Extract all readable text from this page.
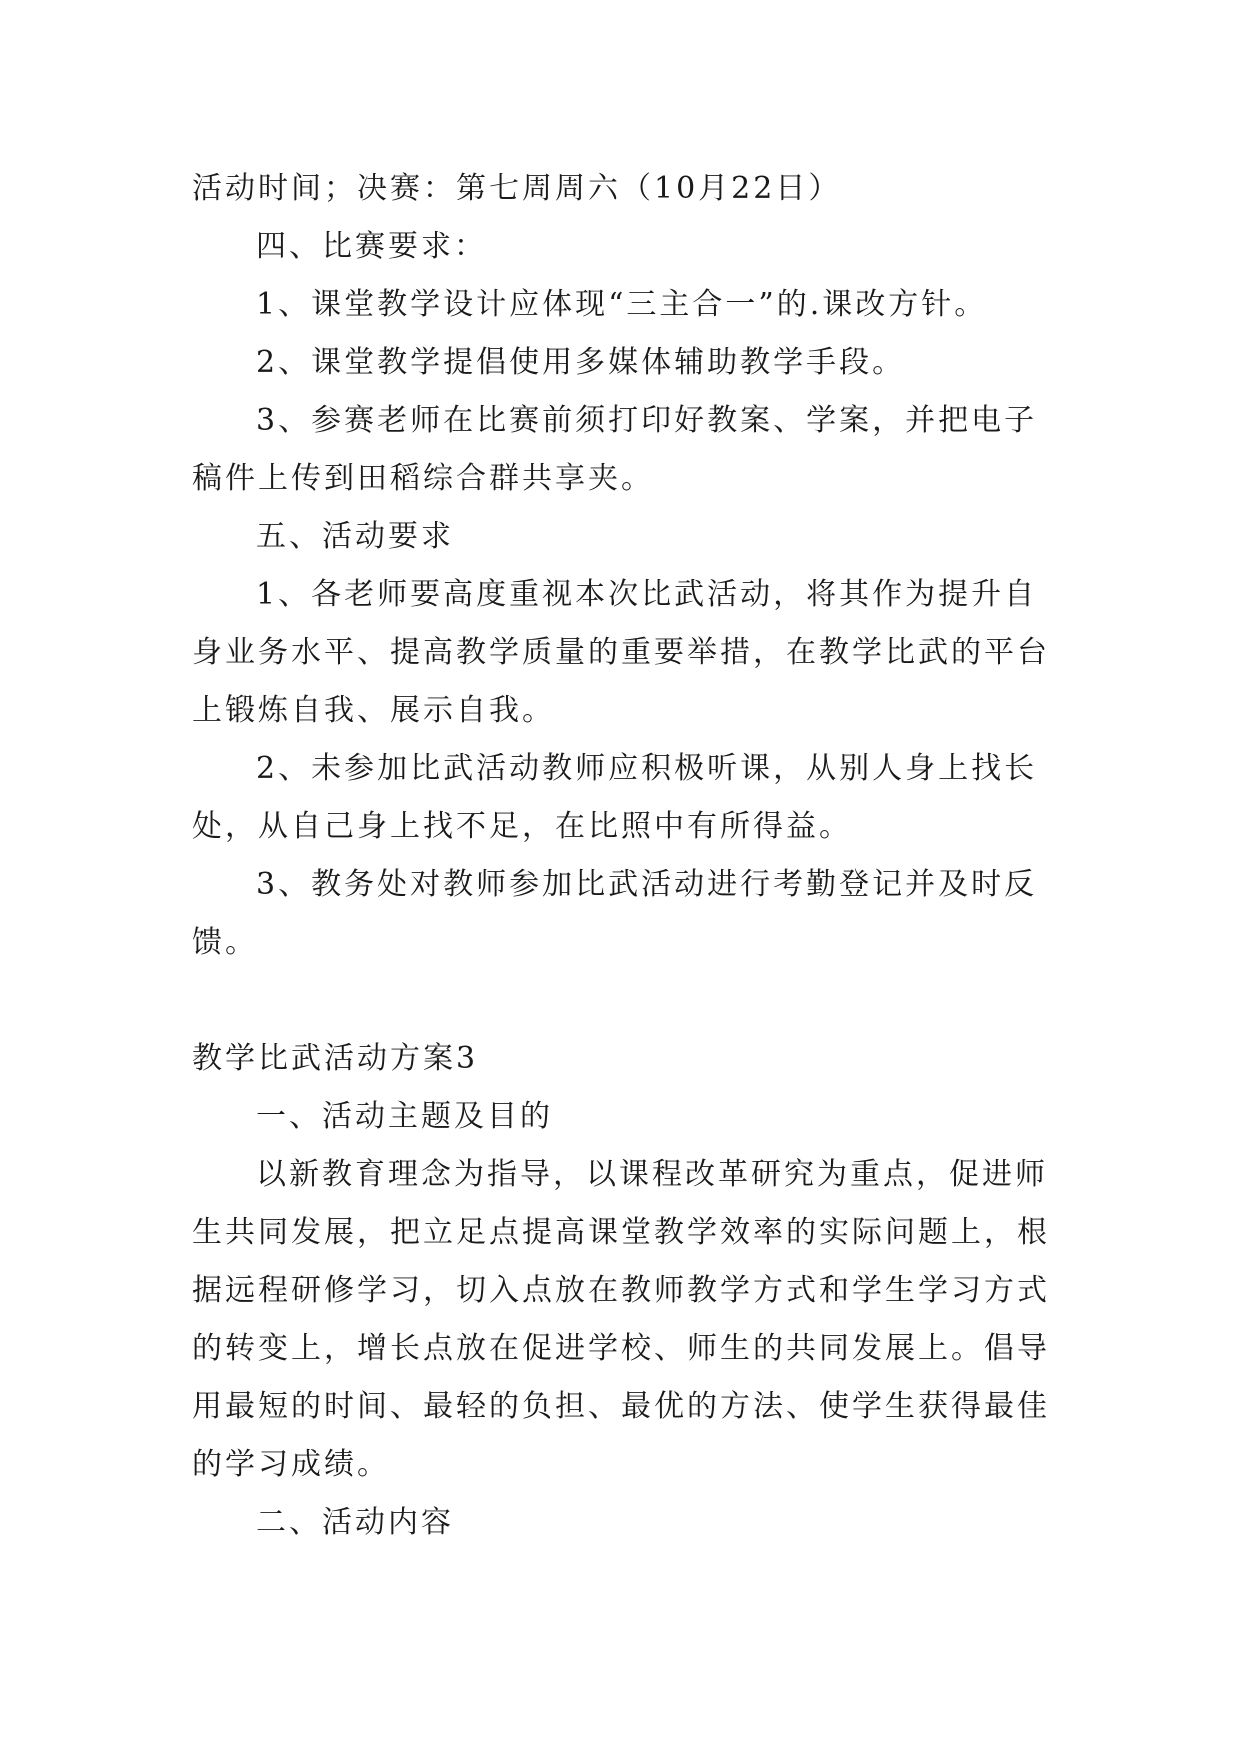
活动时间；决赛：第七周周六（10月22日）
四、比赛要求：
1、课堂教学设计应体现“三主合一”的.课改方针。
2、课堂教学提倡使用多媒体辅助教学手段。
3、参赛老师在比赛前须打印好教案、学案，并把电子
稿件上传到田稻综合群共享夹。
五、活动要求
1、各老师要高度重视本次比武活动，将其作为提升自
身业务水平、提高教学质量的重要举措，在教学比武的平台
上锻炼自我、展示自我。
2、未参加比武活动教师应积极听课，从别人身上找长
处，从自己身上找不足，在比照中有所得益。
3、教务处对教师参加比武活动进行考勤登记并及时反
馈。
教学比武活动方案3
一、活动主题及目的
以新教育理念为指导，以课程改革研究为重点，促进师
生共同发展，把立足点提高课堂教学效率的实际问题上，根
据远程研修学习，切入点放在教师教学方式和学生学习方式
的转变上，增长点放在促进学校、师生的共同发展上。倡导
用最短的时间、最轻的负担、最优的方法、使学生获得最佳
的学习成绩。
二、活动内容
